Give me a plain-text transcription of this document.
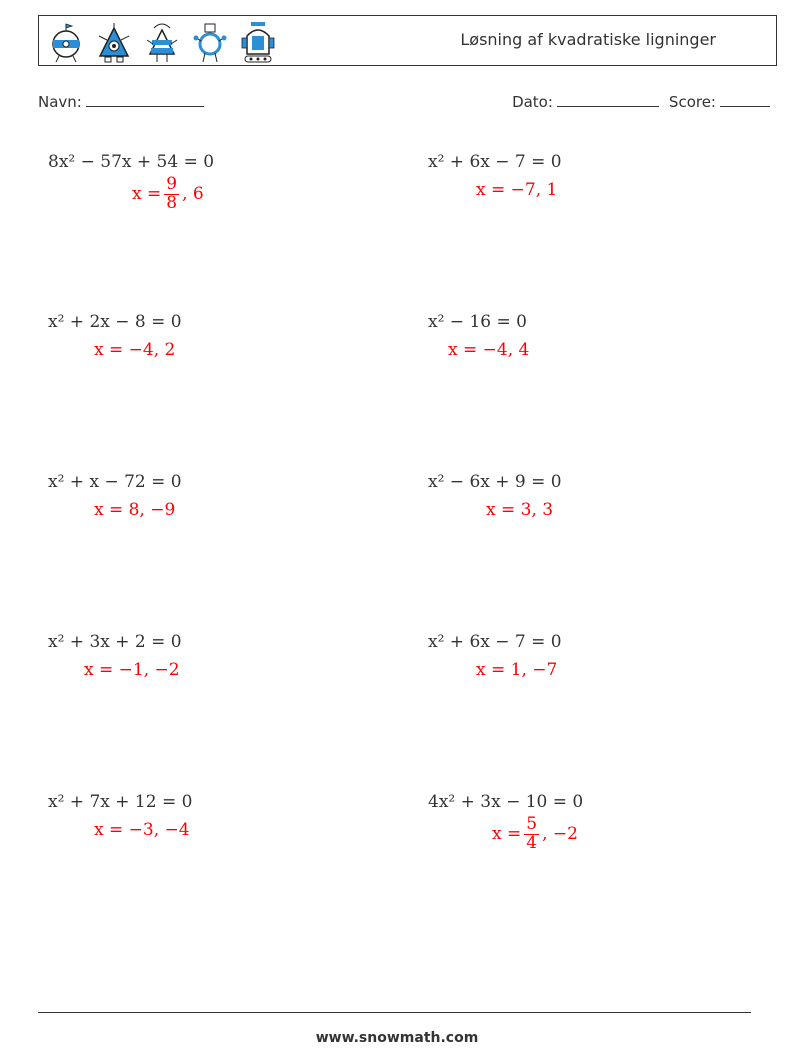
Løsning af kvadratiske ligninger
Navn:	Dato:	Score:
8x² − 57x + 54 = 0
$x = \frac{9}{8}$ , 6
x² + 6x − 7 = 0
x = −7, 1
x² + 2x − 8 = 0
x = −4, 2
x² − 16 = 0
x = −4, 4
x² + x − 72 = 0
x = 8, −9
x² − 6x + 9 = 0
x = 3, 3
x² + 3x + 2 = 0
x = −1, −2
x² + 6x − 7 = 0
x = 1, −7
x² + 7x + 12 = 0
x = −3, −4
4x² + 3x − 10 = 0
$x = \frac{5}{4}$ , −2
www.snowmath.com
